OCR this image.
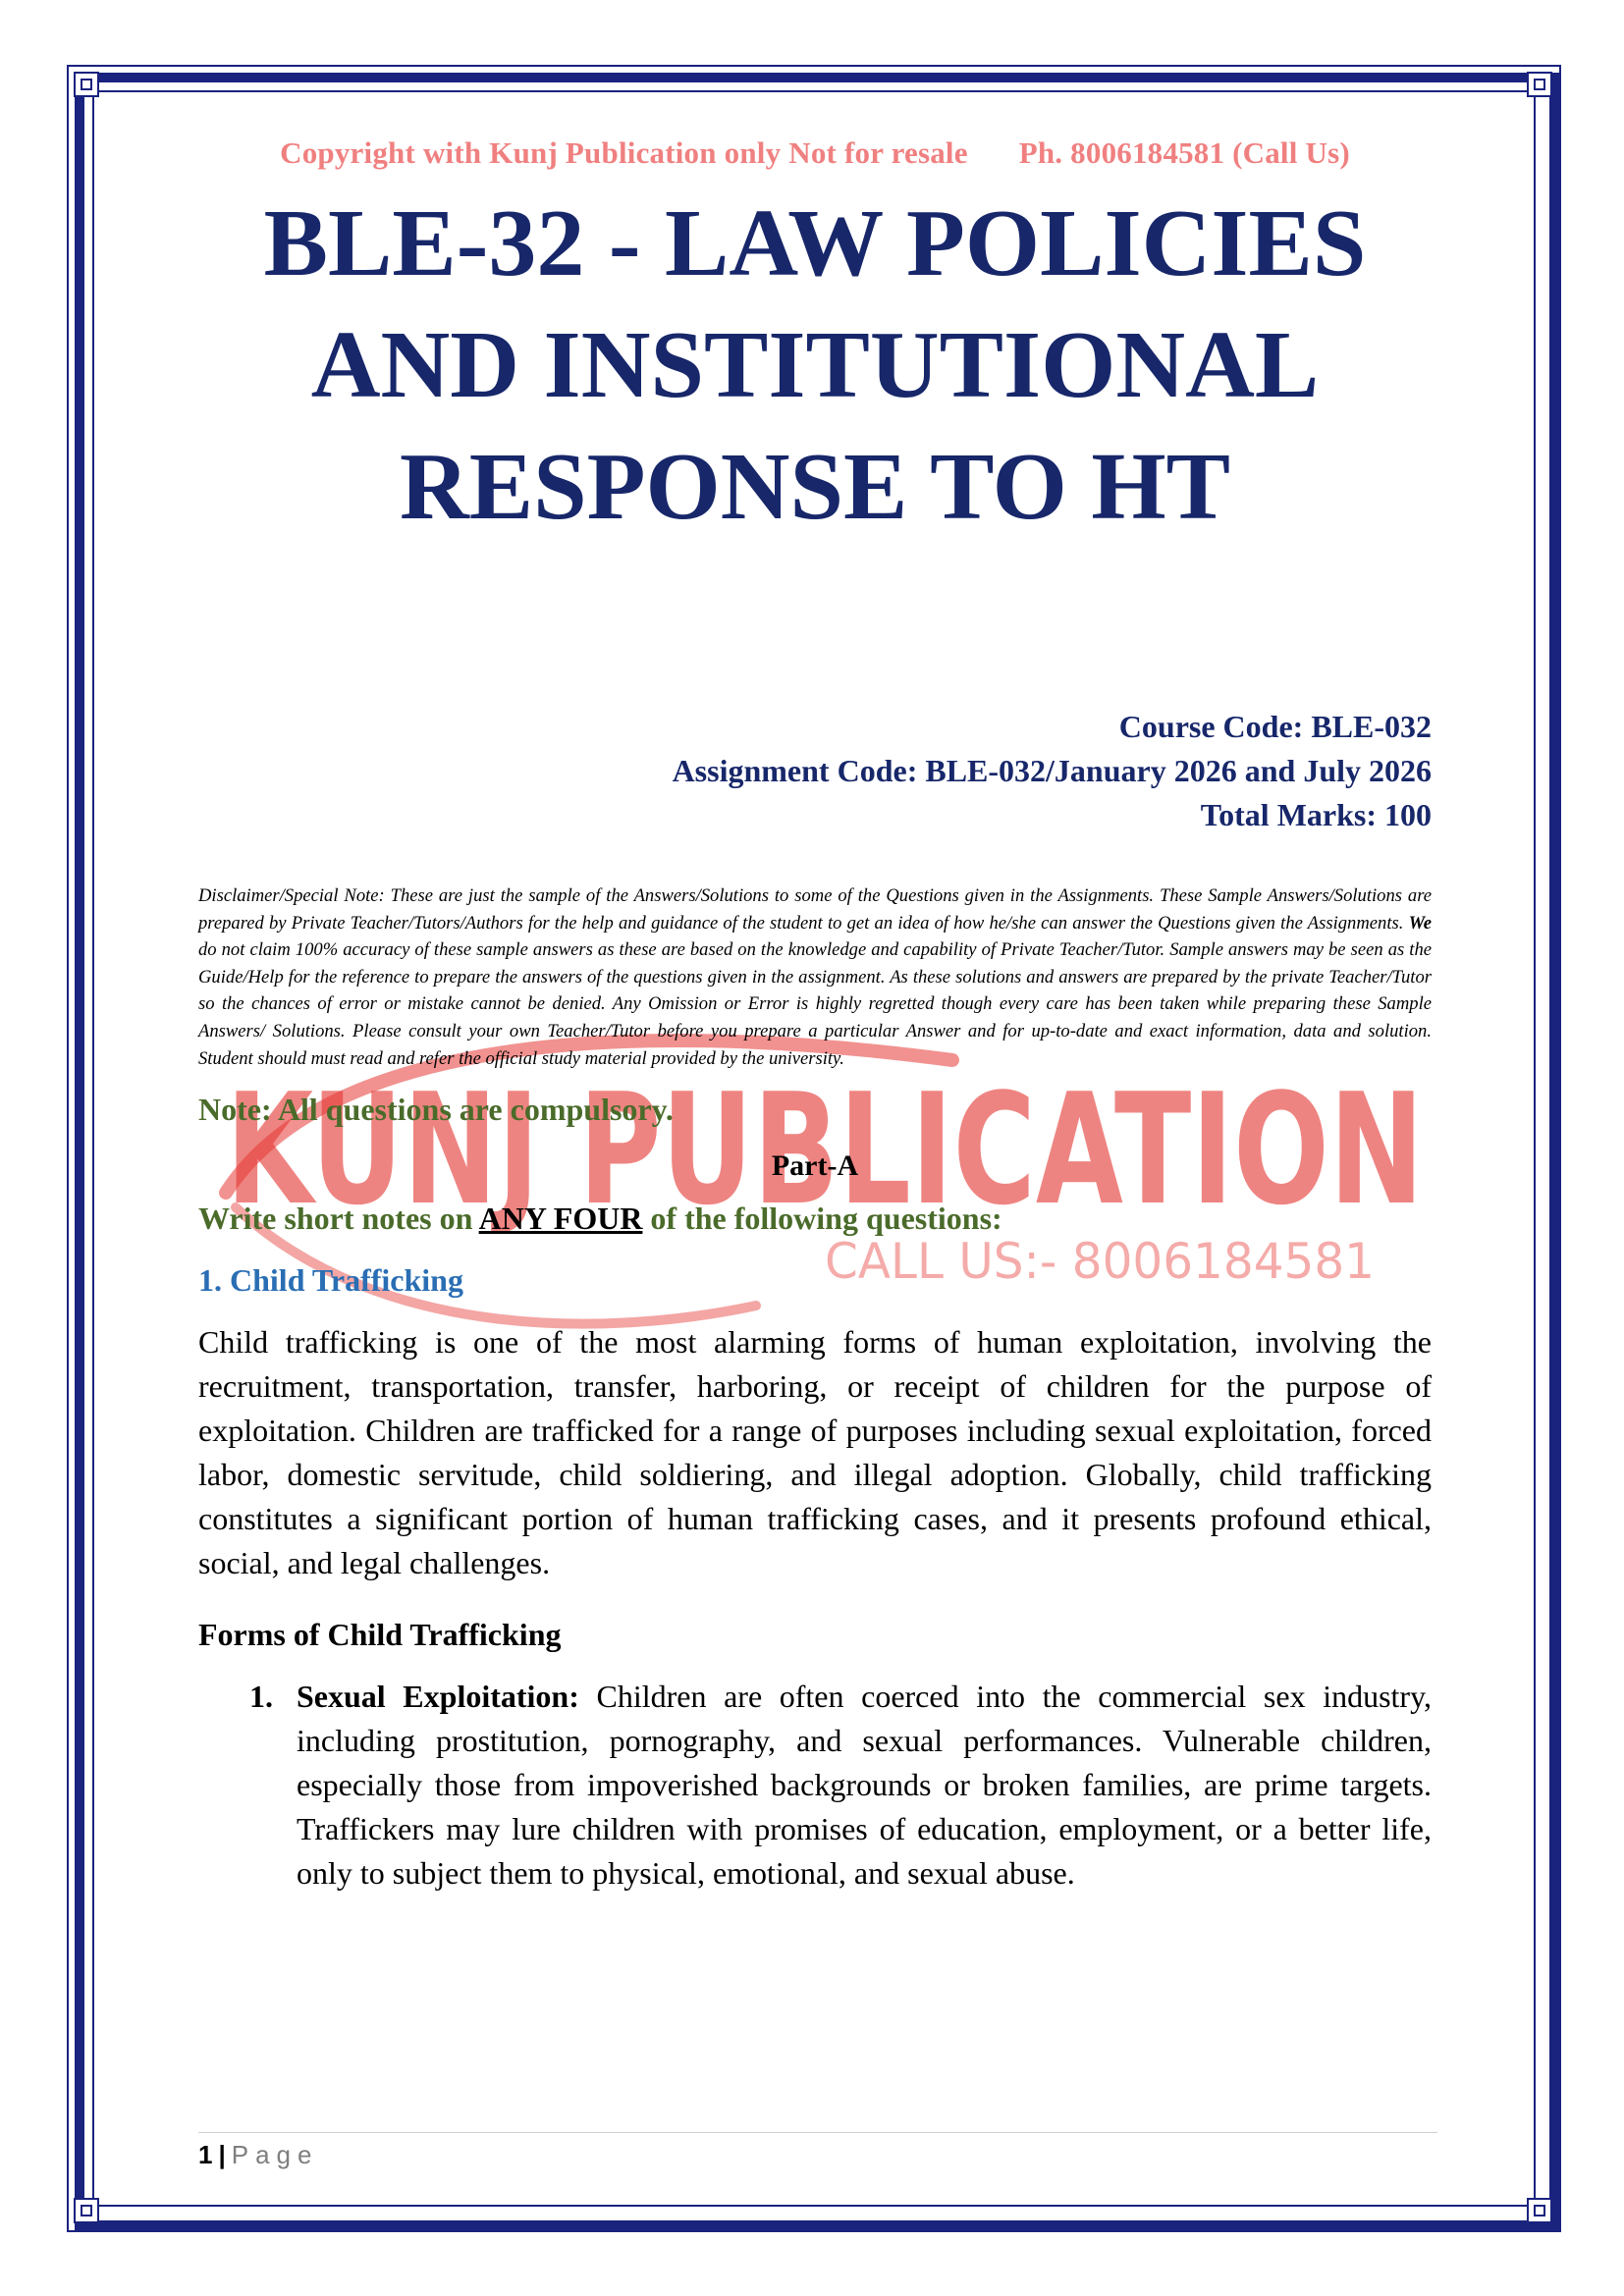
KUNJ PUBLICATION
CALL US:- 8006184581

Copyright with Kunj Publication only Not for resale Ph. 8006184581 (Call Us)

BLE-32 - LAW POLICIES
AND INSTITUTIONAL
RESPONSE TO HT
Course Code: BLE-032
Assignment Code: BLE-032/January 2026 and July 2026
Total Marks: 100

Disclaimer/Special Note: These are just the sample of the Answers/Solutions to some of the Questions given in the Assignments. These Sample Answers/Solutions are prepared by Private Teacher/Tutors/Authors for the help and guidance of the student to get an idea of how he/she can answer the Questions given the Assignments. We do not claim 100% accuracy of these sample answers as these are based on the knowledge and capability of Private Teacher/Tutor. Sample answers may be seen as the Guide/Help for the reference to prepare the answers of the questions given in the assignment. As these solutions and answers are prepared by the private Teacher/Tutor so the chances of error or mistake cannot be denied. Any Omission or Error is highly regretted though every care has been taken while preparing these Sample Answers/ Solutions. Please consult your own Teacher/Tutor before you prepare a particular Answer and for up-to-date and exact information, data and solution. Student should must read and refer the official study material provided by the university.

Note: All questions are compulsory.
Part-A
Write short notes on ANY FOUR of the following questions:
1. Child Trafficking

Child trafficking is one of the most alarming forms of human exploitation, involving the recruitment, transportation, transfer, harboring, or receipt of children for the purpose of exploitation. Children are trafficked for a range of purposes including sexual exploitation, forced labor, domestic servitude, child soldiering, and illegal adoption. Globally, child trafficking constitutes a significant portion of human trafficking cases, and it presents profound ethical, social, and legal challenges.

Forms of Child Trafficking
1. Sexual Exploitation: Children are often coerced into the commercial sex industry, including prostitution, pornography, and sexual performances. Vulnerable children, especially those from impoverished backgrounds or broken families, are prime targets. Traffickers may lure children with promises of education, employment, or a better life, only to subject them to physical, emotional, and sexual abuse.
1 | Page
